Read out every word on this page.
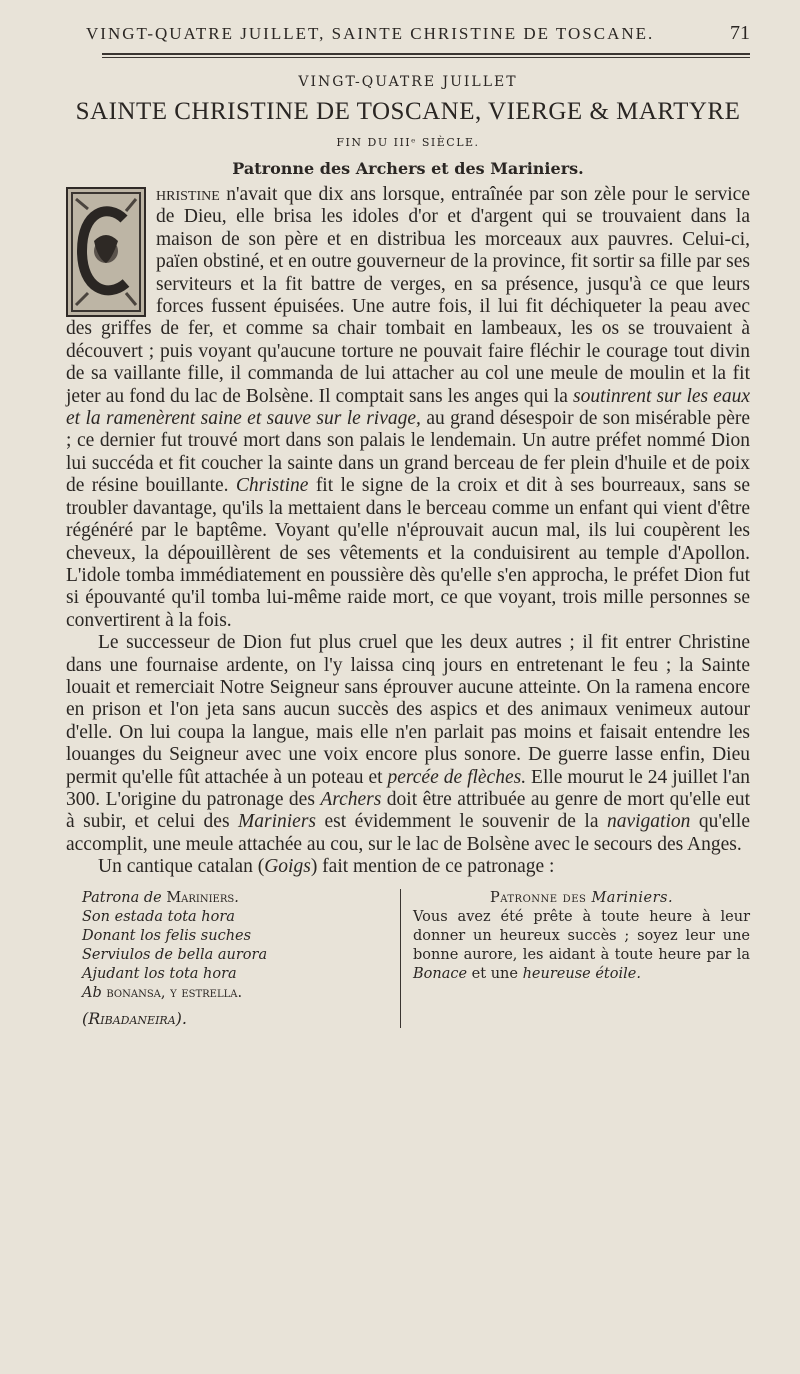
VINGT-QUATRE JUILLET, SAINTE CHRISTINE DE TOSCANE.	71
VINGT-QUATRE JUILLET
SAINTE CHRISTINE DE TOSCANE, VIERGE & MARTYRE
FIN DU IIIᵉ SIÈCLE.
Patronne des Archers et des Mariniers.

hristine n'avait que dix ans lorsque, entraînée par son zèle pour le service de Dieu, elle brisa les idoles d'or et d'argent qui se trouvaient dans la maison de son père et en distribua les morceaux aux pauvres. Celui-ci, païen obstiné, et en outre gouverneur de la province, fit sortir sa fille par ses serviteurs et la fit battre de verges, en sa présence, jusqu'à ce que leurs forces fussent épuisées. Une autre fois, il lui fit déchiqueter la peau avec des griffes de fer, et comme sa chair tombait en lambeaux, les os se trouvaient à découvert ; puis voyant qu'aucune torture ne pouvait faire fléchir le courage tout divin de sa vaillante fille, il commanda de lui attacher au col une meule de moulin et la fit jeter au fond du lac de Bolsène. Il comptait sans les anges qui la soutinrent sur les eaux et la ramenèrent saine et sauve sur le rivage, au grand désespoir de son misérable père ; ce dernier fut trouvé mort dans son palais le lendemain. Un autre préfet nommé Dion lui succéda et fit coucher la sainte dans un grand berceau de fer plein d'huile et de poix de résine bouillante. Christine fit le signe de la croix et dit à ses bourreaux, sans se troubler davantage, qu'ils la mettaient dans le berceau comme un enfant qui vient d'être régénéré par le baptême. Voyant qu'elle n'éprouvait aucun mal, ils lui coupèrent les cheveux, la dépouillèrent de ses vêtements et la conduisirent au temple d'Apollon. L'idole tomba immédiatement en poussière dès qu'elle s'en approcha, le préfet Dion fut si épouvanté qu'il tomba lui-même raide mort, ce que voyant, trois mille personnes se convertirent à la fois.

Le successeur de Dion fut plus cruel que les deux autres ; il fit entrer Christine dans une fournaise ardente, on l'y laissa cinq jours en entretenant le feu ; la Sainte louait et remerciait Notre Seigneur sans éprouver aucune atteinte. On la ramena encore en prison et l'on jeta sans aucun succès des aspics et des animaux venimeux autour d'elle. On lui coupa la langue, mais elle n'en parlait pas moins et faisait entendre les louanges du Seigneur avec une voix encore plus sonore. De guerre lasse enfin, Dieu permit qu'elle fût attachée à un poteau et percée de flèches. Elle mourut le 24 juillet l'an 300. L'origine du patronage des Archers doit être attribuée au genre de mort qu'elle eut à subir, et celui des Mariniers est évidemment le souvenir de la navigation qu'elle accomplit, une meule attachée au cou, sur le lac de Bolsène avec le secours des Anges.

Un cantique catalan (Goigs) fait mention de ce patronage :

Patrona de Mariniers.
Son estada tota hora
Donant los felis suches
Serviulos de bella aurora
Ajudant los tota hora
Ab bonansa, y estrella.
(Ribadaneira).
Patronne des Mariniers.
Vous avez été prête à toute heure à leur donner un heureux succès ; soyez leur une bonne aurore, les aidant à toute heure par la Bonace et une heureuse étoile.
